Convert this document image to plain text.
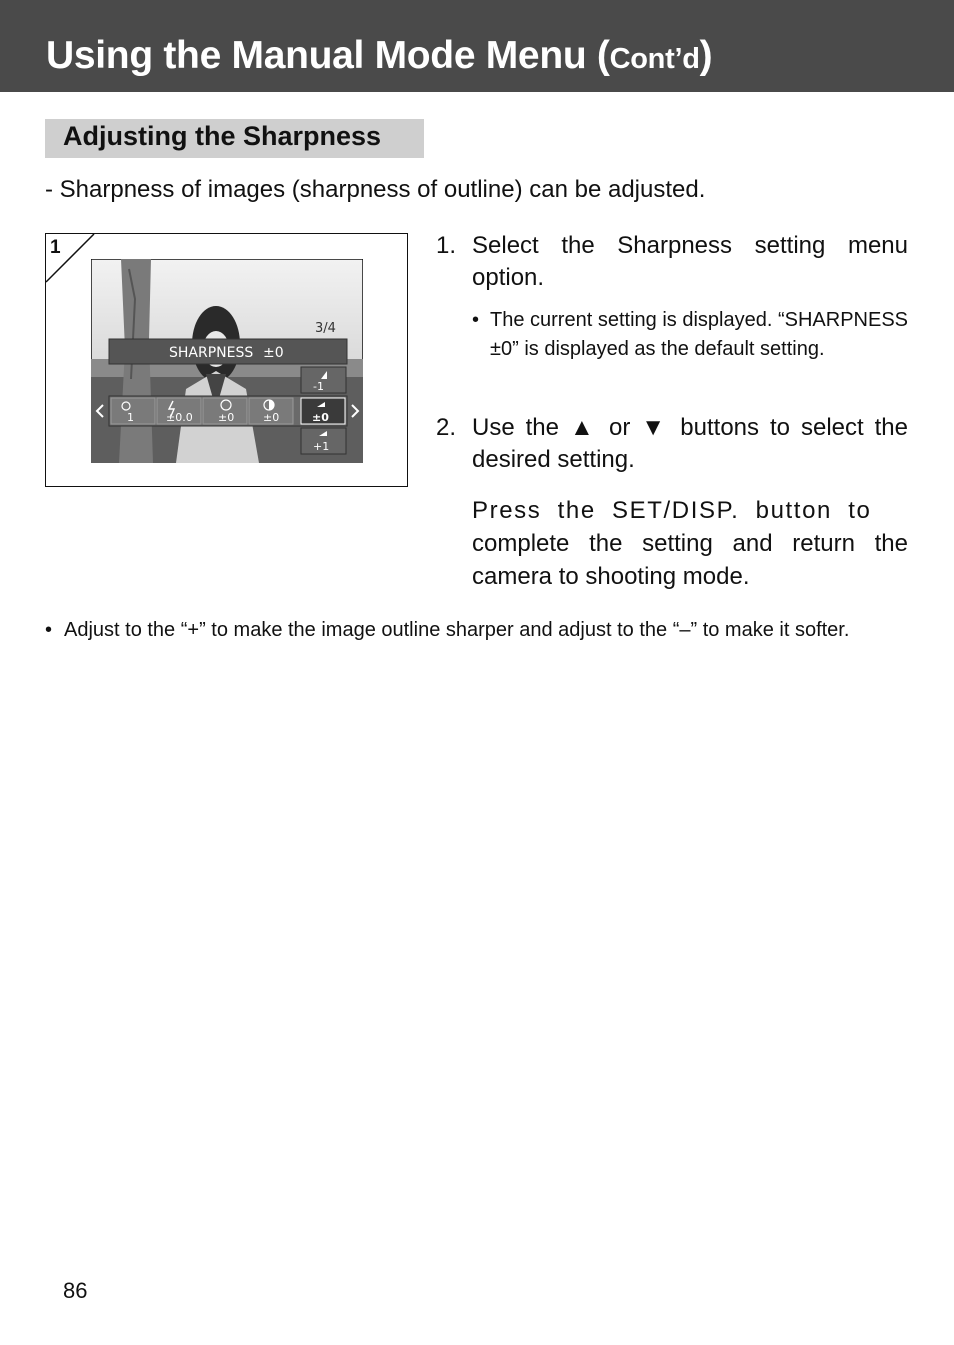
Using the Manual Mode Menu (Cont’d)
Adjusting the Sharpness
- Sharpness of images (sharpness of outline) can be adjusted.
1
SHARPNESS ±0
3/4
-1
1	±0.0 ±0	±0	±0
+1
1. Select the Sharpness setting menu option.
• The current setting is displayed. “SHARPNESS ±0” is displayed as the default setting.
2. Use the ▲ or ▼ buttons to select the desired setting.
Press the SET/DISP. button to
complete the setting and return the camera to shooting mode.
• Adjust to the “+” to make the image outline sharper and adjust to the “–” to make it softer.
86
